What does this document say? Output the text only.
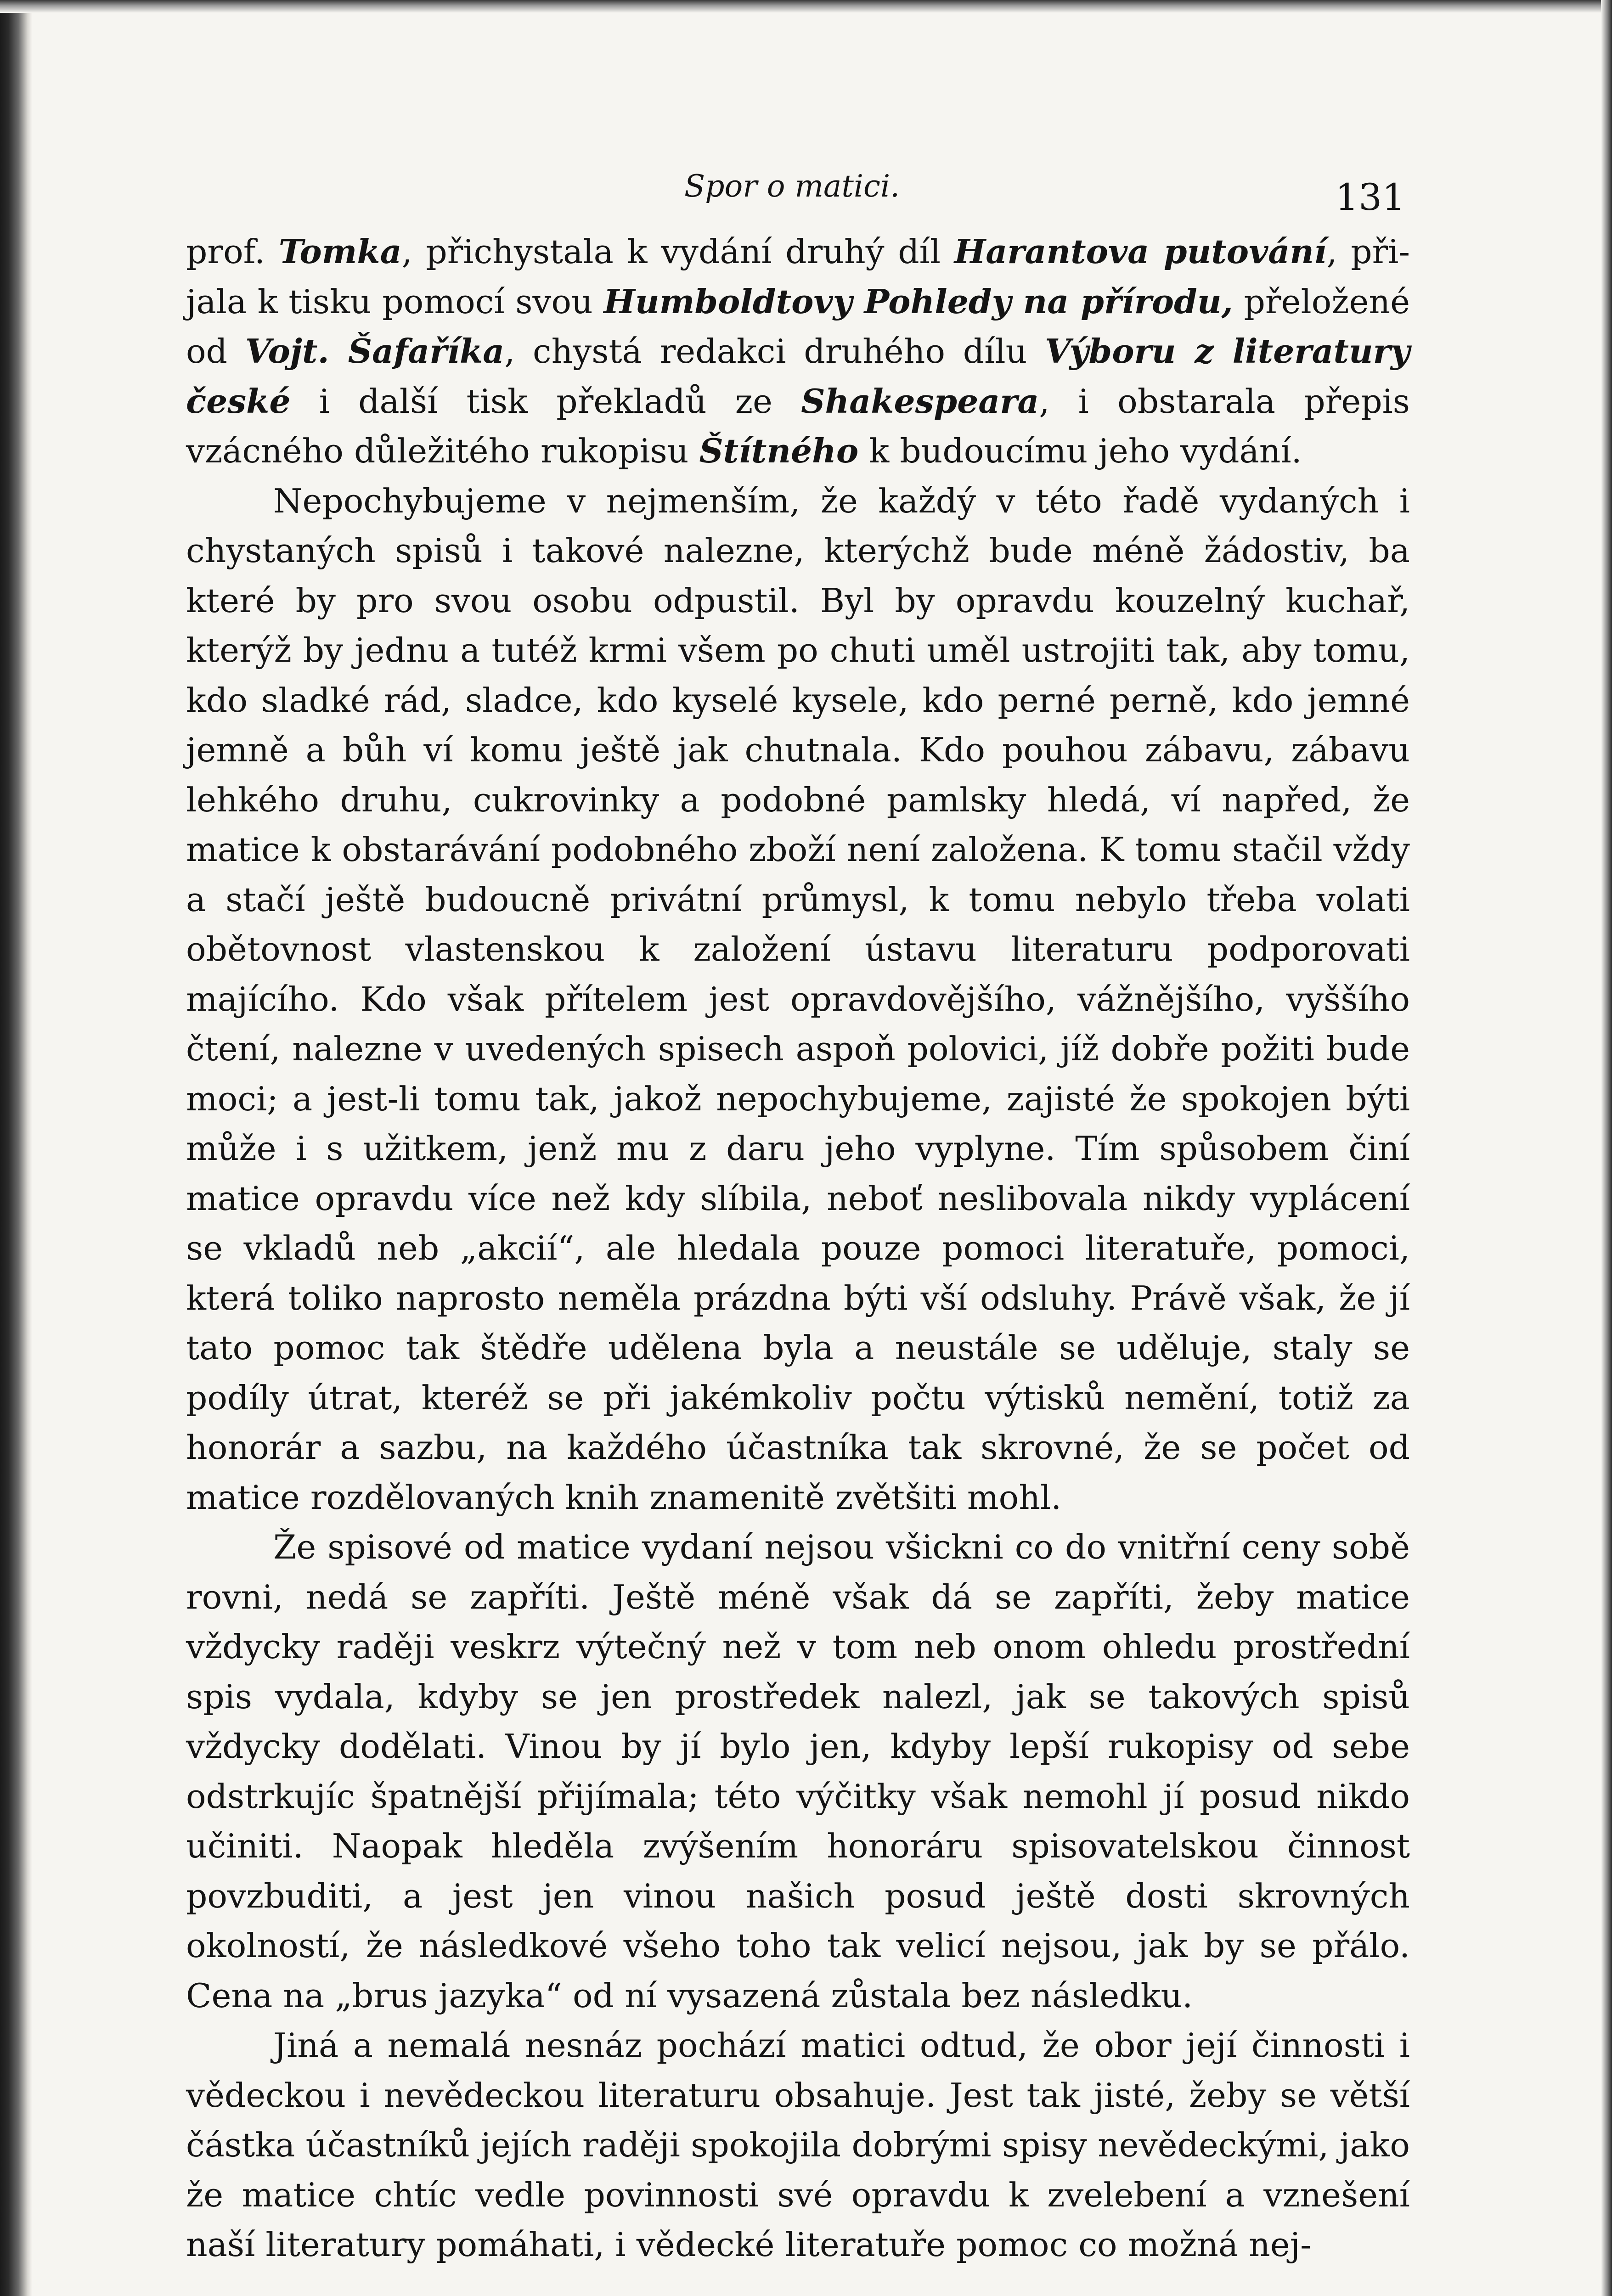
Spor o matici.	131

prof. Tomka, přichystala k vydání druhý díl Harantova putování, přijala k tisku pomocí svou Humboldtovy Pohledy na přírodu, přeložené od Vojt. Šafaříka, chystá redakci druhého dílu Výboru z literatury české i další tisk překladů ze Shakespeara, i obstarala přepis vzácného důležitého rukopisu Štítného k budoucímu jeho vydání.

Nepochybujeme v nejmenším, že každý v této řadě vydaných i chystaných spisů i takové nalezne, kterýchž bude méně žádostiv, ba které by pro svou osobu odpustil. Byl by opravdu kouzelný kuchař, kterýž by jednu a tutéž krmi všem po chuti uměl ustrojiti tak, aby tomu, kdo sladké rád, sladce, kdo kyselé kysele, kdo perné perně, kdo jemné jemně a bůh ví komu ještě jak chutnala. Kdo pouhou zábavu, zábavu lehkého druhu, cukrovinky a podobné pamlsky hledá, ví napřed, že matice k obstarávání podobného zboží není založena. K tomu stačil vždy a stačí ještě budoucně privátní průmysl, k tomu nebylo třeba volati obětovnost vlastenskou k založení ústavu literaturu podporovati majícího. Kdo však přítelem jest opravdovějšího, vážnějšího, vyššího čtení, nalezne v uvedených spisech aspoň polovici, jíž dobře požiti bude moci; a jest-li tomu tak, jakož nepochybujeme, zajisté že spokojen býti může i s užitkem, jenž mu z daru jeho vyplyne. Tím spůsobem činí matice opravdu více než kdy slíbila, neboť neslibovala nikdy vyplácení se vkladů neb „akcií“, ale hledala pouze pomoci literatuře, pomoci, která toliko naprosto neměla prázdna býti vší odsluhy. Právě však, že jí tato pomoc tak štědře udělena byla a neustále se uděluje, staly se podíly útrat, kteréž se při jakémkoliv počtu výtisků nemění, totiž za honorár a sazbu, na každého účastníka tak skrovné, že se počet od matice rozdělovaných knih znamenitě zvětšiti mohl.

Že spisové od matice vydaní nejsou všickni co do vnitřní ceny sobě rovni, nedá se zapříti. Ještě méně však dá se zapříti, žeby matice vždycky raději veskrz výtečný než v tom neb onom ohledu prostřední spis vydala, kdyby se jen prostředek nalezl, jak se takových spisů vždycky dodělati. Vinou by jí bylo jen, kdyby lepší rukopisy od sebe odstrkujíc špatnější přijímala; této výčitky však nemohl jí posud nikdo učiniti. Naopak hleděla zvýšením honoráru spisovatelskou činnost povzbuditi, a jest jen vinou našich posud ještě dosti skrovných okolností, že následkové všeho toho tak velicí nejsou, jak by se přálo. Cena na „brus jazyka“ od ní vysazená zůstala bez následku.

Jiná a nemalá nesnáz pochází matici odtud, že obor její činnosti i vědeckou i nevědeckou literaturu obsahuje. Jest tak jisté, žeby se větší částka účastníků jejích raději spokojila dobrými spisy nevědeckými, jako že matice chtíc vedle povinnosti své opravdu k zvelebení a vznešení naší literatury pomáhati, i vědecké literatuře pomoc co možná nej-
